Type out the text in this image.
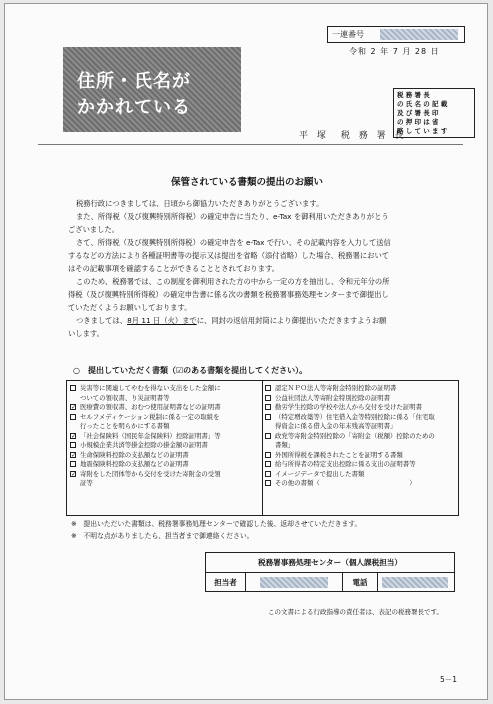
一連番号
令和 2 年 7 月 28 日
住所・氏名が
かかれている
税 務 署 長
の 氏 名 の 記 載
及 び 署 長 印
の 押 印 は 省
略 し て い ま す
平 塚　税 務 署 長
保管されている書類の提出のお願い

税務行政につきましては、日頃から御協力いただきありがとうございます。

また、所得税（及び復興特別所得税）の確定申告に当たり、e-Tax を御利用いただきありがとう

ございました。

さて、所得税（及び復興特別所得税）の確定申告を e-Tax で行い、その記載内容を入力して送信

するなどの方法により各種証明書等の提示又は提出を省略（添付省略）した場合、税務署において

はその記載事項を確認することができることとされております。

このため、税務署では、この制度を御利用された方の中から一定の方を抽出し、令和元年分の所

得税（及び復興特別所得税）の確定申告書に係る次の書類を税務署事務処理センターまで御提出し

ていただくようお願いしております。

つきましては、8月 11 日（火）までに、同封の返信用封筒により御提出いただきますようお願

いします。

○　提出していただく書類（☑のある書類を提出してください）。
災害等に関連してやむを得ない支出をした金額に
ついての領収書、り災証明書等
✓ 医療費の領収書、おむつ使用証明書などの証明書
セルフメディケーション税制に係る一定の取組を
行ったことを明らかにする書類
✓ 「社会保険料（国民年金保険料）控除証明書」等
小規模企業共済等掛金控除の掛金額の証明書
✓ 生命保険料控除の支払額などの証明書
地震保険料控除の支払額などの証明書
✓ 寄附をした団体等から交付を受けた寄附金の受領
証等
認定ＮＰＯ法人等寄附金特別控除の証明書
公益社団法人等寄附金特別控除の証明書
勤労学生控除の学校や法人から交付を受けた証明書
（特定増改築等）住宅借入金等特別控除に係る「住宅取
得資金に係る借入金の年末残高等証明書」
政党等寄附金特別控除の「寄附金（税額）控除のための
書類」
外国所得税を課税されたことを証明する書類
給与所得者の特定支出控除に係る支出の証明書等
イメージデータで提出した書類
その他の書類（　　　　　　　　　　　　　　）
※　提出いただいた書類は、税務署事務処理センターで確認した後、返却させていただきます。
※　不明な点がありましたら、担当者まで御連絡ください。
税務署事務処理センター（個人課税担当）
担当者	電話
この文書による行政指導の責任者は、表記の税務署長です。
5－1
